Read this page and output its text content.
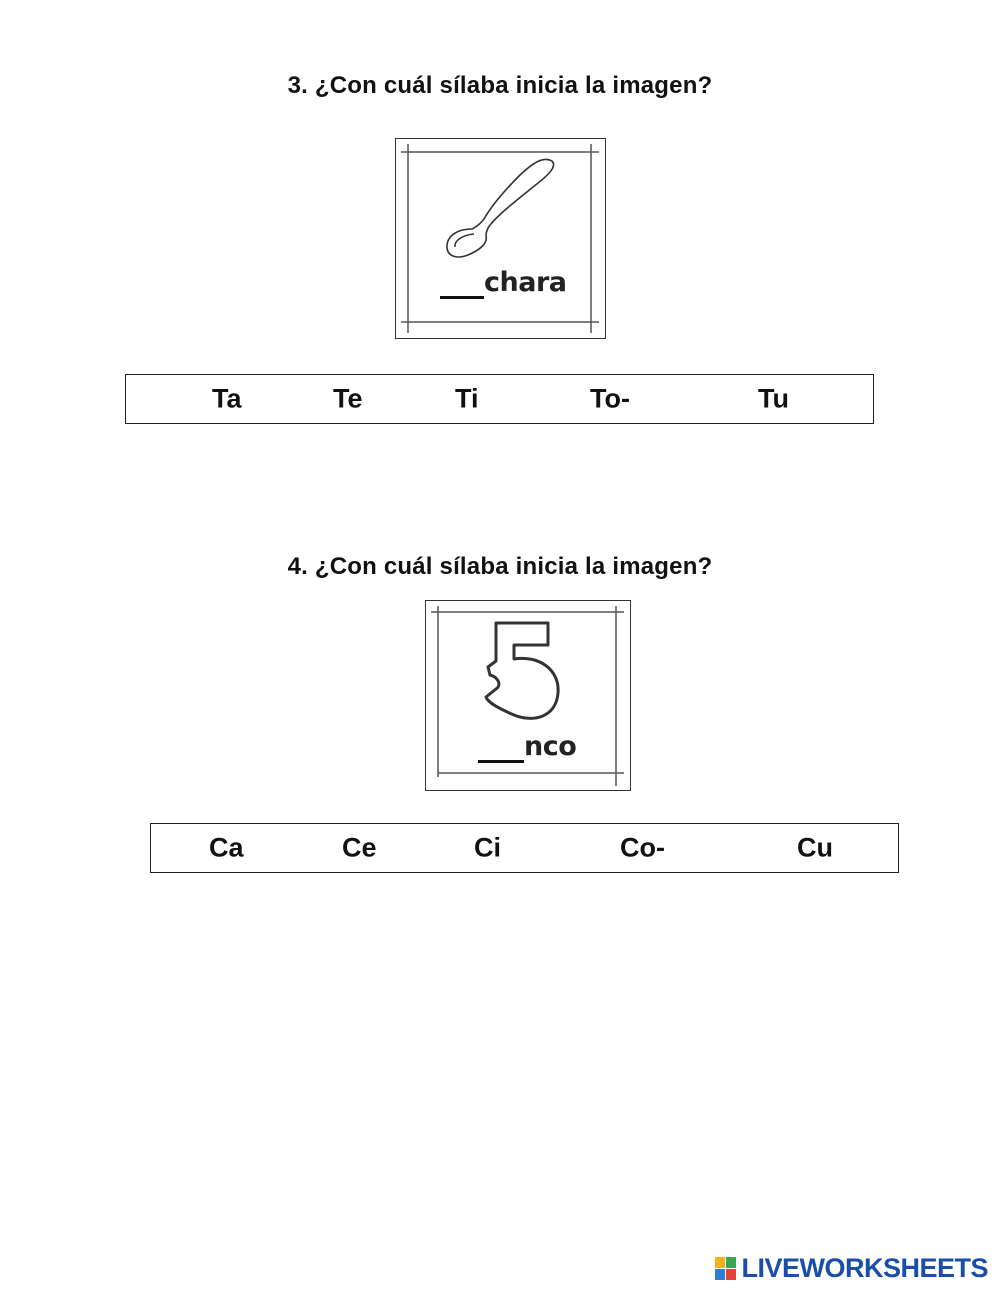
3. ¿Con cuál sílaba inicia la imagen?
chara
Ta	Te	Ti	To-	Tu
4. ¿Con cuál sílaba inicia la imagen?
nco
Ca	Ce	Ci	Co-	Cu
LIVEWORKSHEETS
